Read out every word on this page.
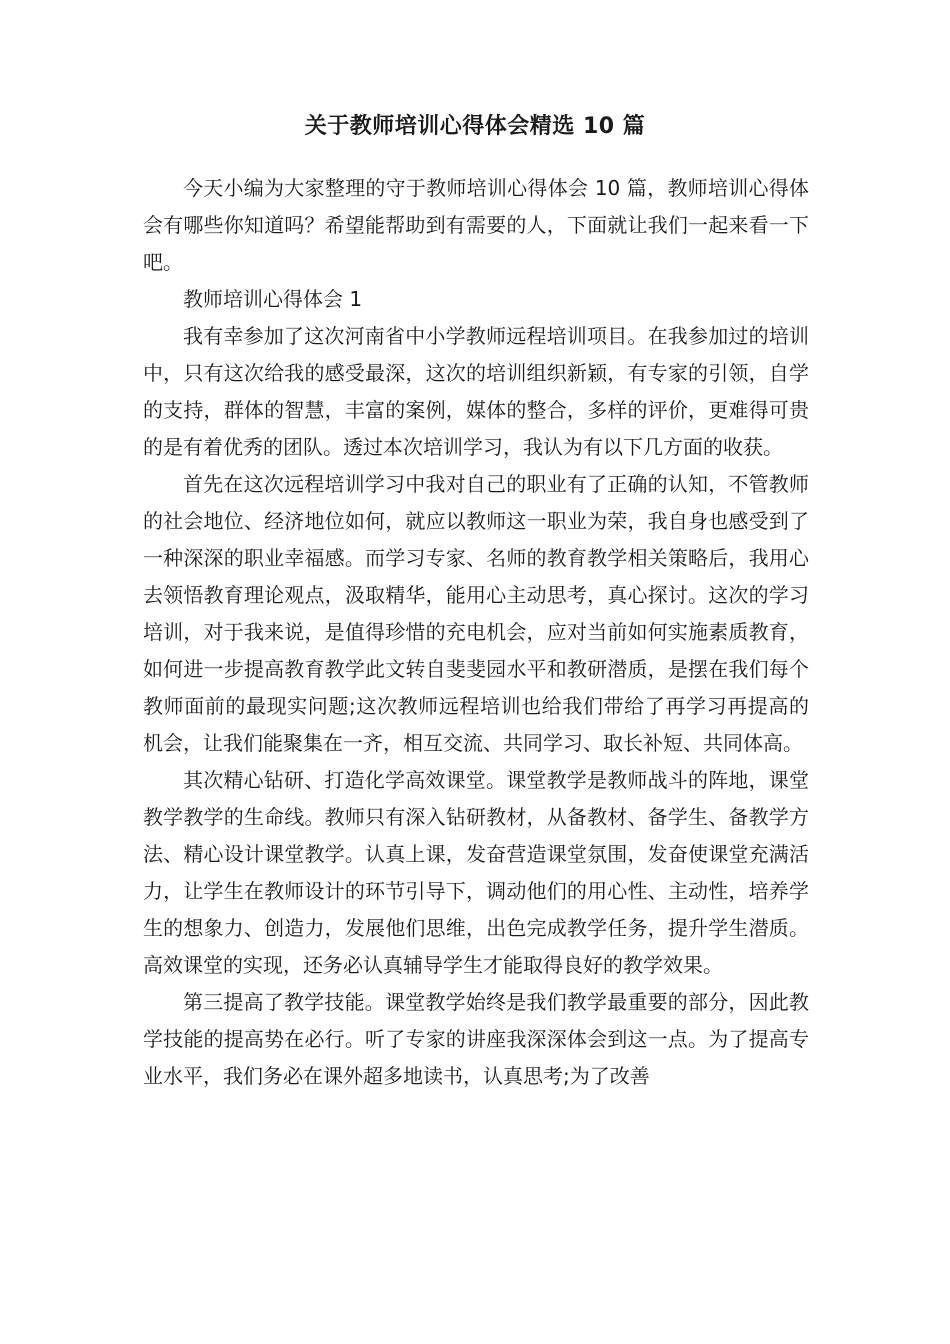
关于教师培训心得体会精选 10 篇

今天小编为大家整理的守于教师培训心得体会 10 篇，教师培训心得体会有哪些你知道吗？希望能帮助到有需要的人，下面就让我们一起来看一下吧。

教师培训心得体会 1

我有幸参加了这次河南省中小学教师远程培训项目。在我参加过的培训中，只有这次给我的感受最深，这次的培训组织新颖，有专家的引领，自学的支持，群体的智慧，丰富的案例，媒体的整合，多样的评价，更难得可贵的是有着优秀的团队。透过本次培训学习，我认为有以下几方面的收获。

首先在这次远程培训学习中我对自己的职业有了正确的认知，不管教师的社会地位、经济地位如何，就应以教师这一职业为荣，我自身也感受到了一种深深的职业幸福感。而学习专家、名师的教育教学相关策略后，我用心去领悟教育理论观点，汲取精华，能用心主动思考，真心探讨。这次的学习培训，对于我来说，是值得珍惜的充电机会，应对当前如何实施素质教育，如何进一步提高教育教学此文转自斐斐园水平和教研潜质，是摆在我们每个教师面前的最现实问题;这次教师远程培训也给我们带给了再学习再提高的机会，让我们能聚集在一齐，相互交流、共同学习、取长补短、共同体高。

其次精心钻研、打造化学高效课堂。课堂教学是教师战斗的阵地，课堂教学教学的生命线。教师只有深入钻研教材，从备教材、备学生、备教学方法、精心设计课堂教学。认真上课，发奋营造课堂氛围，发奋使课堂充满活力，让学生在教师设计的环节引导下，调动他们的用心性、主动性，培养学生的想象力、创造力，发展他们思维，出色完成教学任务，提升学生潜质。高效课堂的实现，还务必认真辅导学生才能取得良好的教学效果。

第三提高了教学技能。课堂教学始终是我们教学最重要的部分，因此教学技能的提高势在必行。听了专家的讲座我深深体会到这一点。为了提高专业水平，我们务必在课外超多地读书，认真思考;为了改善
